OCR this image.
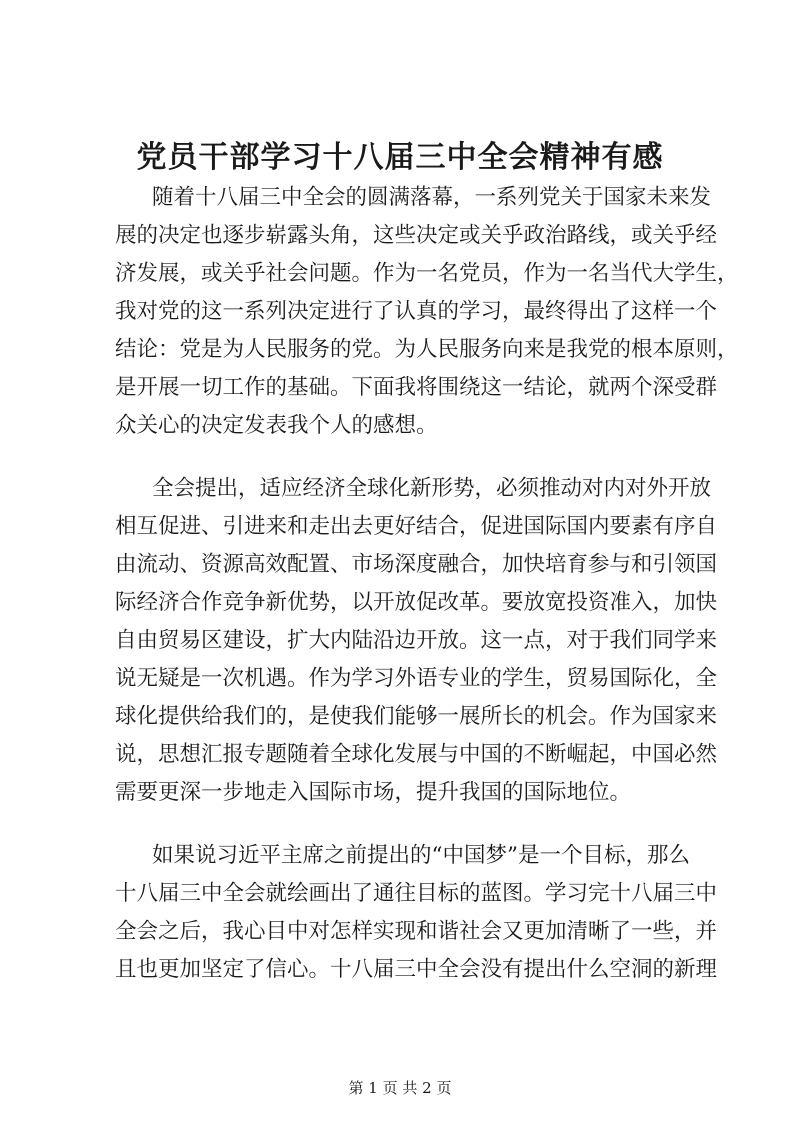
党员干部学习十八届三中全会精神有感
随着十八届三中全会的圆满落幕，一系列党关于国家未来发
展的决定也逐步崭露头角，这些决定或关乎政治路线，或关乎经
济发展，或关乎社会问题。作为一名党员，作为一名当代大学生，
我对党的这一系列决定进行了认真的学习，最终得出了这样一个
结论：党是为人民服务的党。为人民服务向来是我党的根本原则，
是开展一切工作的基础。下面我将围绕这一结论，就两个深受群
众关心的决定发表我个人的感想。
全会提出，适应经济全球化新形势，必须推动对内对外开放
相互促进、引进来和走出去更好结合，促进国际国内要素有序自
由流动、资源高效配置、市场深度融合，加快培育参与和引领国
际经济合作竞争新优势，以开放促改革。要放宽投资准入，加快
自由贸易区建设，扩大内陆沿边开放。这一点，对于我们同学来
说无疑是一次机遇。作为学习外语专业的学生，贸易国际化，全
球化提供给我们的，是使我们能够一展所长的机会。作为国家来
说，思想汇报专题随着全球化发展与中国的不断崛起，中国必然
需要更深一步地走入国际市场，提升我国的国际地位。
如果说习近平主席之前提出的“中国梦”是一个目标，那么
十八届三中全会就绘画出了通往目标的蓝图。学习完十八届三中
全会之后，我心目中对怎样实现和谐社会又更加清晰了一些，并
且也更加坚定了信心。十八届三中全会没有提出什么空洞的新理
第 1 页 共 2 页
